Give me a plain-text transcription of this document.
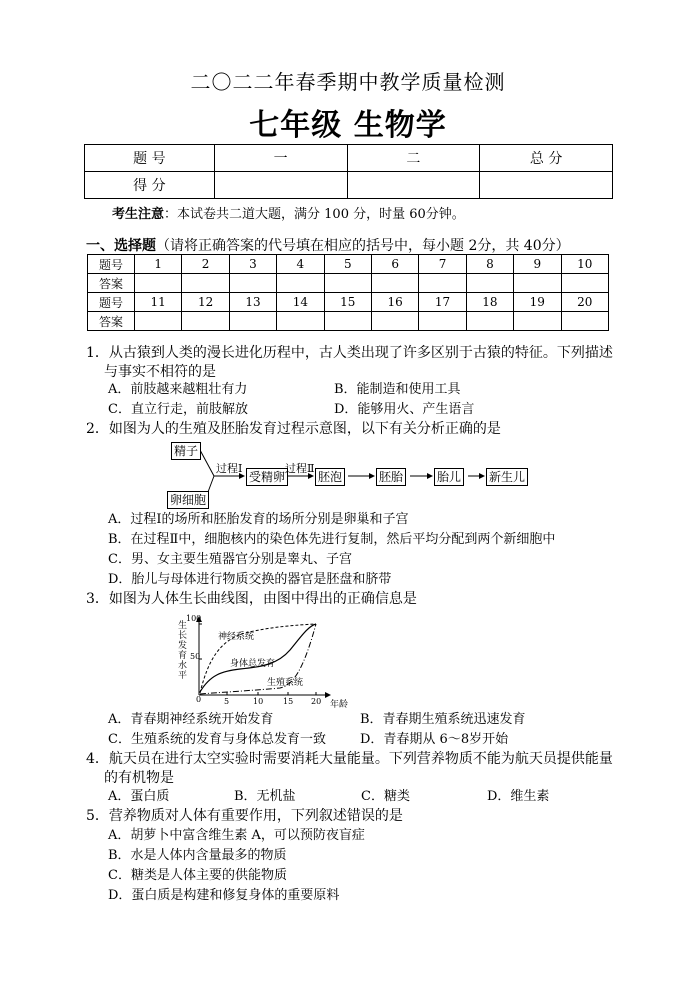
二〇二二年春季期中教学质量检测
七年级 生物学
题 号	一	二	总 分
得 分			
考生注意：本试卷共二道大题，满分 100 分，时量 60分钟。
一、选择题（请将正确答案的代号填在相应的括号中，每小题 2分，共 40分）
题号	1	2	3	4	5	6	7	8	9	10
答案										
题号	11	12	13	14	15	16	17	18	19	20
答案										
1．从古猿到人类的漫长进化历程中，古人类出现了许多区别于古猿的特征。下列描述
与事实不相符的是
A．前肢越来越粗壮有力	B．能制造和使用工具
C．直立行走，前肢解放	D．能够用火、产生语言
2．如图为人的生殖及胚胎发育过程示意图，以下有关分析正确的是
精子
卵细胞
过程Ⅰ
受精卵
过程Ⅱ
胚泡	胚胎	胎儿 新生儿
A．过程Ⅰ的场所和胚胎发育的场所分别是卵巢和子宫
B．在过程Ⅱ中，细胞核内的染色体先进行复制，然后平均分配到两个新细胞中
C．男、女主要生殖器官分别是睾丸、子宫
D．胎儿与母体进行物质交换的器官是胚盘和脐带
3．如图为人体生长曲线图，由图中得出的正确信息是
生长发育水平
100
50
0	5	10 15 20 年龄
神经系统
身体总发育
生殖系统
A．青春期神经系统开始发育	B．青春期生殖系统迅速发育
C．生殖系统的发育与身体总发育一致	D．青春期从 6～8岁开始
4．航天员在进行太空实验时需要消耗大量能量。下列营养物质不能为航天员提供能量
的有机物是
A．蛋白质	B．无机盐	C．糖类	D．维生素
5．营养物质对人体有重要作用，下列叙述错误的是
A．胡萝卜中富含维生素 A，可以预防夜盲症
B．水是人体内含量最多的物质
C．糖类是人体主要的供能物质
D．蛋白质是构建和修复身体的重要原料
